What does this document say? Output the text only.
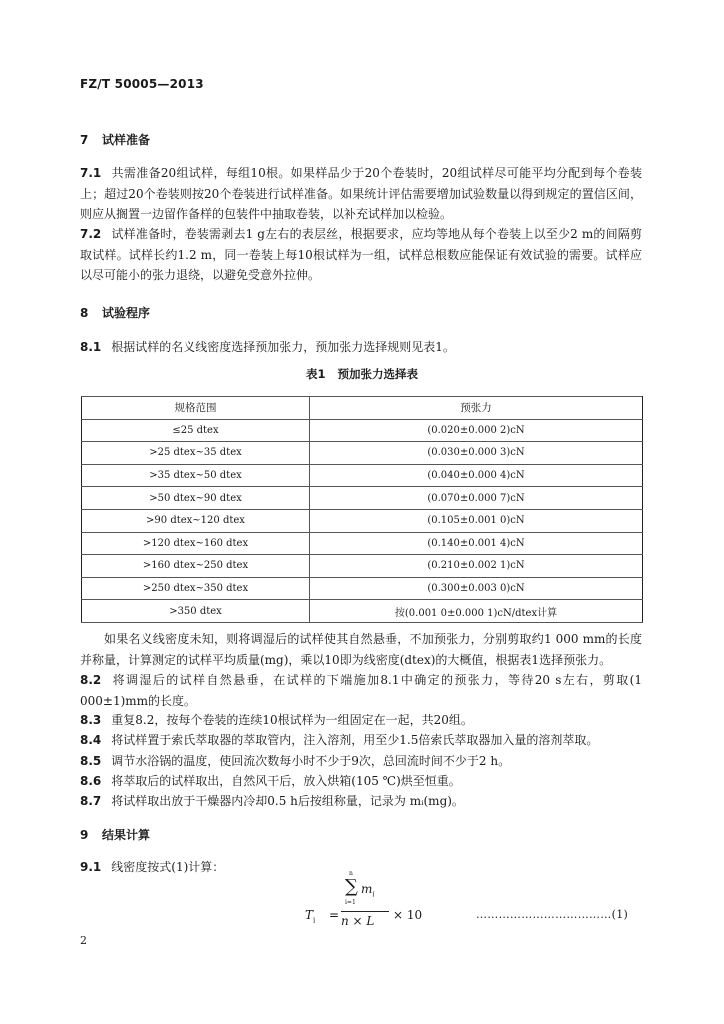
FZ/T 50005—2013
7 试样准备
7.1 共需准备20组试样，每组10根。如果样品少于20个卷装时，20组试样尽可能平均分配到每个卷装上；超过20个卷装则按20个卷装进行试样准备。如果统计评估需要增加试验数量以得到规定的置信区间，则应从搁置一边留作备样的包装件中抽取卷装，以补充试样加以检验。
7.2 试样准备时，卷装需剥去1 g左右的表层丝，根据要求，应均等地从每个卷装上以至少2 m的间隔剪取试样。试样长约1.2 m，同一卷装上每10根试样为一组，试样总根数应能保证有效试验的需要。试样应以尽可能小的张力退绕，以避免受意外拉伸。
8 试验程序
8.1 根据试样的名义线密度选择预加张力，预加张力选择规则见表1。
表1 预加张力选择表
规格范围	预张力
≤25 dtex	(0.020±0.000 2)cN
>25 dtex~35 dtex	(0.030±0.000 3)cN
>35 dtex~50 dtex	(0.040±0.000 4)cN
>50 dtex~90 dtex	(0.070±0.000 7)cN
>90 dtex~120 dtex	(0.105±0.001 0)cN
>120 dtex~160 dtex	(0.140±0.001 4)cN
>160 dtex~250 dtex	(0.210±0.002 1)cN
>250 dtex~350 dtex	(0.300±0.003 0)cN
>350 dtex	按(0.001 0±0.000 1)cN/dtex计算
如果名义线密度未知，则将调湿后的试样使其自然悬垂，不加预张力，分别剪取约1 000 mm的长度并称量，计算测定的试样平均质量(mg)，乘以10即为线密度(dtex)的大概值，根据表1选择预张力。
8.2 将调湿后的试样自然悬垂，在试样的下端施加8.1中确定的预张力，等待20 s左右，剪取(1 000±1)mm的长度。
8.3 重复8.2，按每个卷装的连续10根试样为一组固定在一起，共20组。
8.4 将试样置于索氏萃取器的萃取管内，注入溶剂，用至少1.5倍索氏萃取器加入量的溶剂萃取。
8.5 调节水浴锅的温度，使回流次数每小时不少于9次，总回流时间不少于2 h。
8.6 将萃取后的试样取出，自然风干后，放入烘箱(105 ℃)烘至恒重。
8.7 将试样取出放于干燥器内冷却0.5 h后按组称量，记录为 mᵢ(mg)。
9 结果计算
9.1 线密度按式(1)计算：
$T_i$ =
n
∑ $m_i$
i=1
n × L × 10	………………………………(1)
2
